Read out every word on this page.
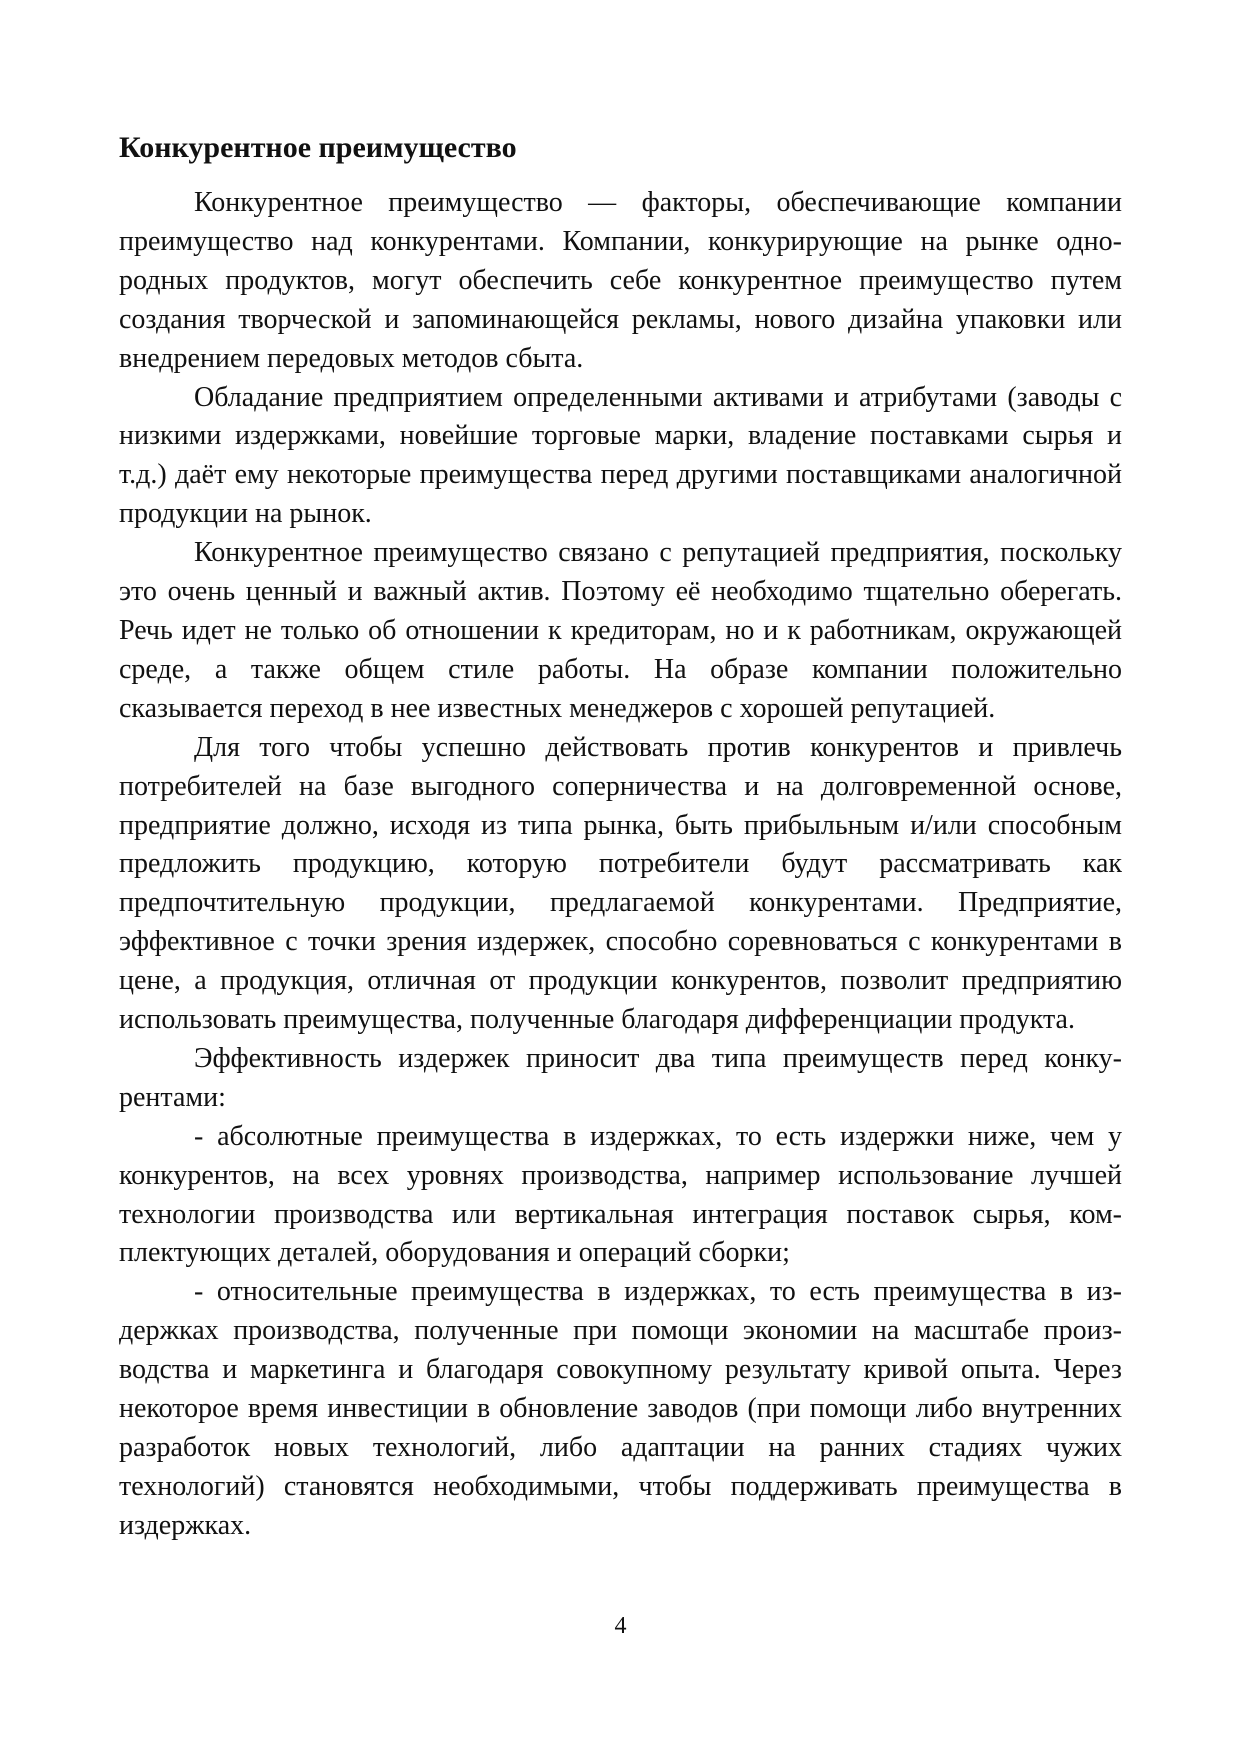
Конкурентное преимущество

Конкурентное преимущество — факторы, обеспечивающие компании преимущество над конкурентами. Компании, конкурирующие на рынке однородных продуктов, могут обеспечить себе конкурентное преимущество путем создания творческой и запоминающейся рекламы, нового дизайна упаковки или внедрением передовых методов сбыта.

Обладание предприятием определенными активами и атрибутами (заводы с низкими издержками, новейшие торговые марки, владение поставками сырья и т.д.) даёт ему некоторые преимущества перед другими поставщиками аналогичной продукции на рынок.

Конкурентное преимущество связано с репутацией предприятия, поскольку это очень ценный и важный актив. Поэтому её необходимо тщательно оберегать. Речь идет не только об отношении к кредиторам, но и к работникам, окружающей среде, а также общем стиле работы. На образе компании положительно сказывается переход в нее известных менеджеров с хорошей репутацией.

Для того чтобы успешно действовать против конкурентов и привлечь потребителей на базе выгодного соперничества и на долговременной основе, предприятие должно, исходя из типа рынка, быть прибыльным и/или способным предложить продукцию, которую потребители будут рассматривать как предпочтительную продукции, предлагаемой конкурентами. Предприятие, эффективное с точки зрения издержек, способно соревноваться с конкурентами в цене, а продукция, отличная от продукции конкурентов, позволит предприятию использовать преимущества, полученные благодаря дифференциации продукта.

Эффективность издержек приносит два типа преимуществ перед конкурентами:

- абсолютные преимущества в издержках, то есть издержки ниже, чем у конкурентов, на всех уровнях производства, например использование лучшей технологии производства или вертикальная интеграция поставок сырья, комплектующих деталей, оборудования и операций сборки;

- относительные преимущества в издержках, то есть преимущества в издержках производства, полученные при помощи экономии на масштабе производства и маркетинга и благодаря совокупному результату кривой опыта. Через некоторое время инвестиции в обновление заводов (при помощи либо внутренних разработок новых технологий, либо адаптации на ранних стадиях чужих технологий) становятся необходимыми, чтобы поддерживать преимущества в издержках.

4
